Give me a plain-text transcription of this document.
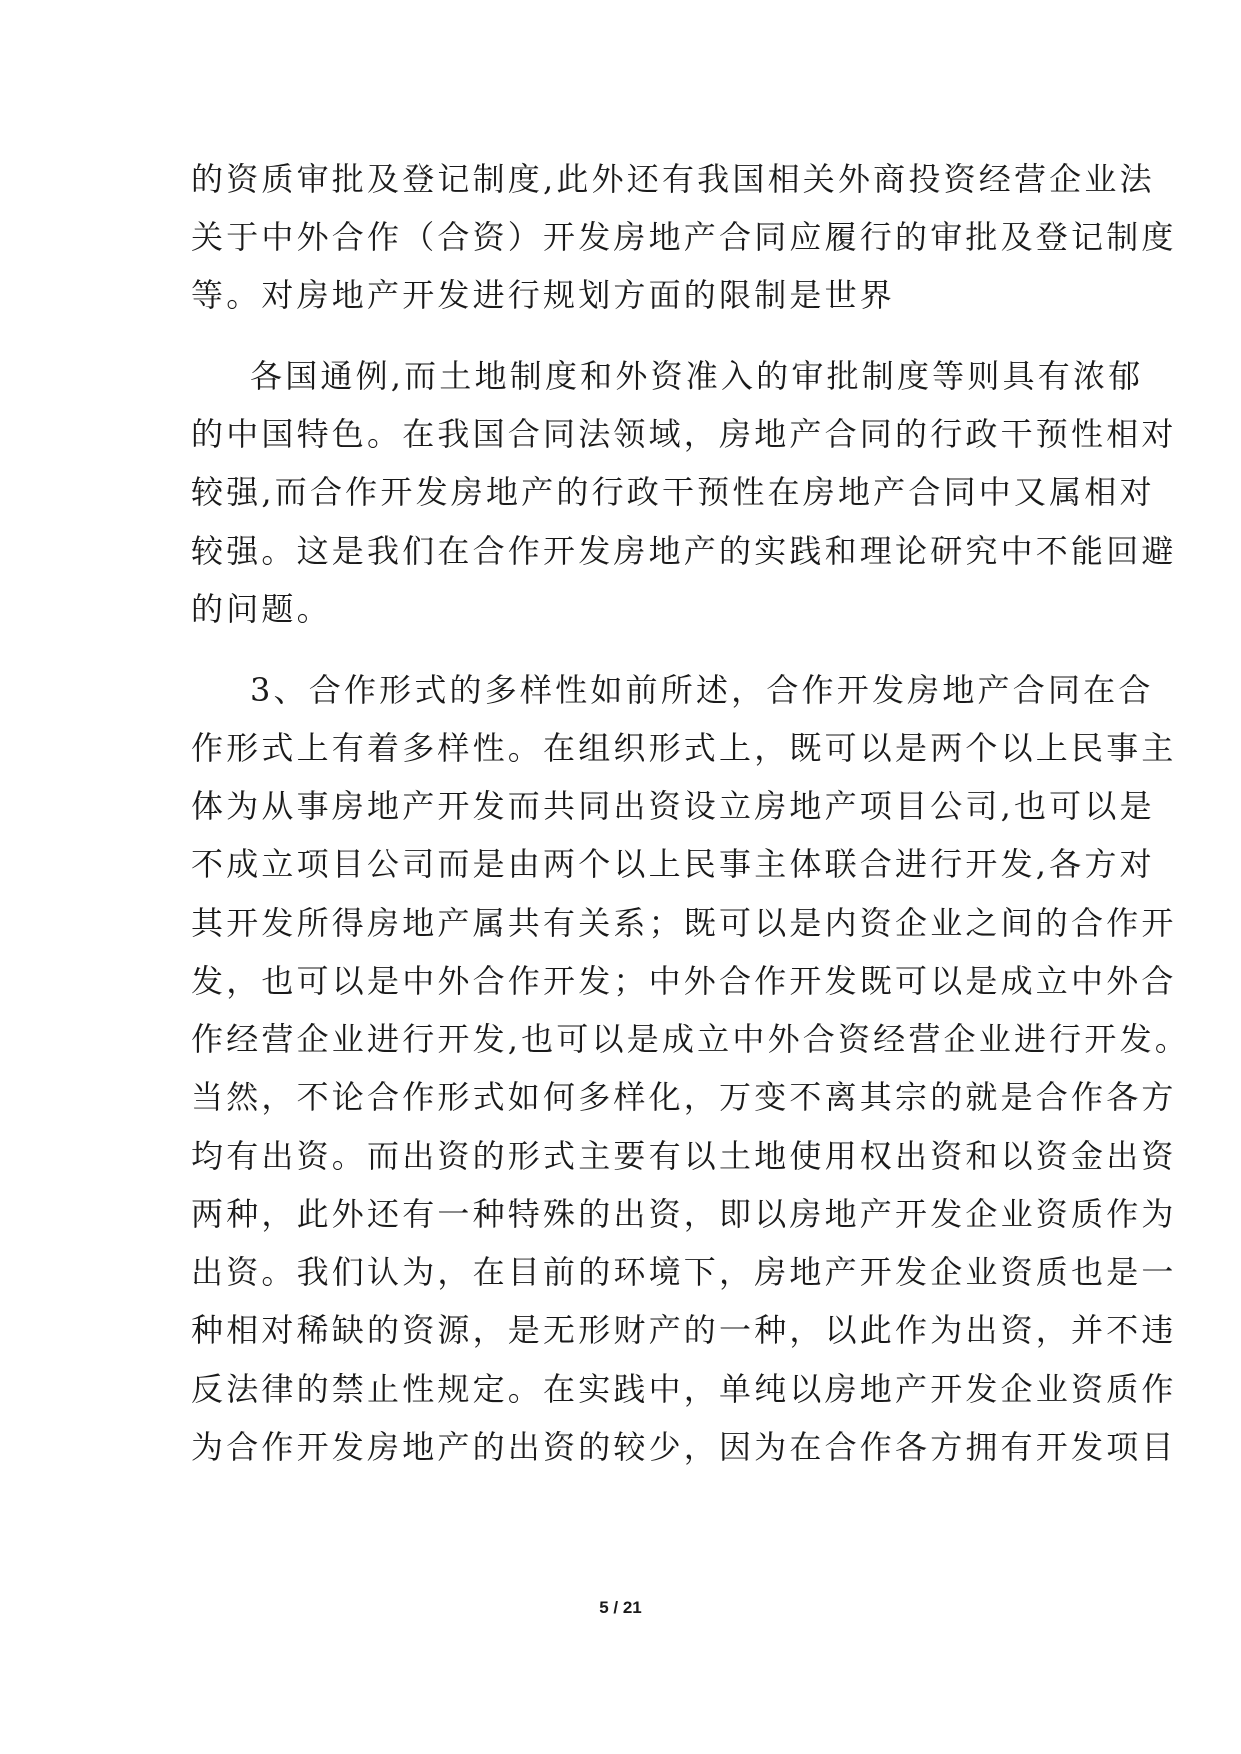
的资质审批及登记制度,此外还有我国相关外商投资经营企业法
关于中外合作（合资）开发房地产合同应履行的审批及登记制度
等。对房地产开发进行规划方面的限制是世界
各国通例,而土地制度和外资准入的审批制度等则具有浓郁
的中国特色。在我国合同法领域，房地产合同的行政干预性相对
较强,而合作开发房地产的行政干预性在房地产合同中又属相对
较强。这是我们在合作开发房地产的实践和理论研究中不能回避
的问题。
3、合作形式的多样性如前所述，合作开发房地产合同在合
作形式上有着多样性。在组织形式上，既可以是两个以上民事主
体为从事房地产开发而共同出资设立房地产项目公司,也可以是
不成立项目公司而是由两个以上民事主体联合进行开发,各方对
其开发所得房地产属共有关系；既可以是内资企业之间的合作开
发，也可以是中外合作开发；中外合作开发既可以是成立中外合
作经营企业进行开发,也可以是成立中外合资经营企业进行开发。
当然，不论合作形式如何多样化，万变不离其宗的就是合作各方
均有出资。而出资的形式主要有以土地使用权出资和以资金出资
两种，此外还有一种特殊的出资，即以房地产开发企业资质作为
出资。我们认为，在目前的环境下，房地产开发企业资质也是一
种相对稀缺的资源，是无形财产的一种，以此作为出资，并不违
反法律的禁止性规定。在实践中，单纯以房地产开发企业资质作
为合作开发房地产的出资的较少，因为在合作各方拥有开发项目
5 / 21
